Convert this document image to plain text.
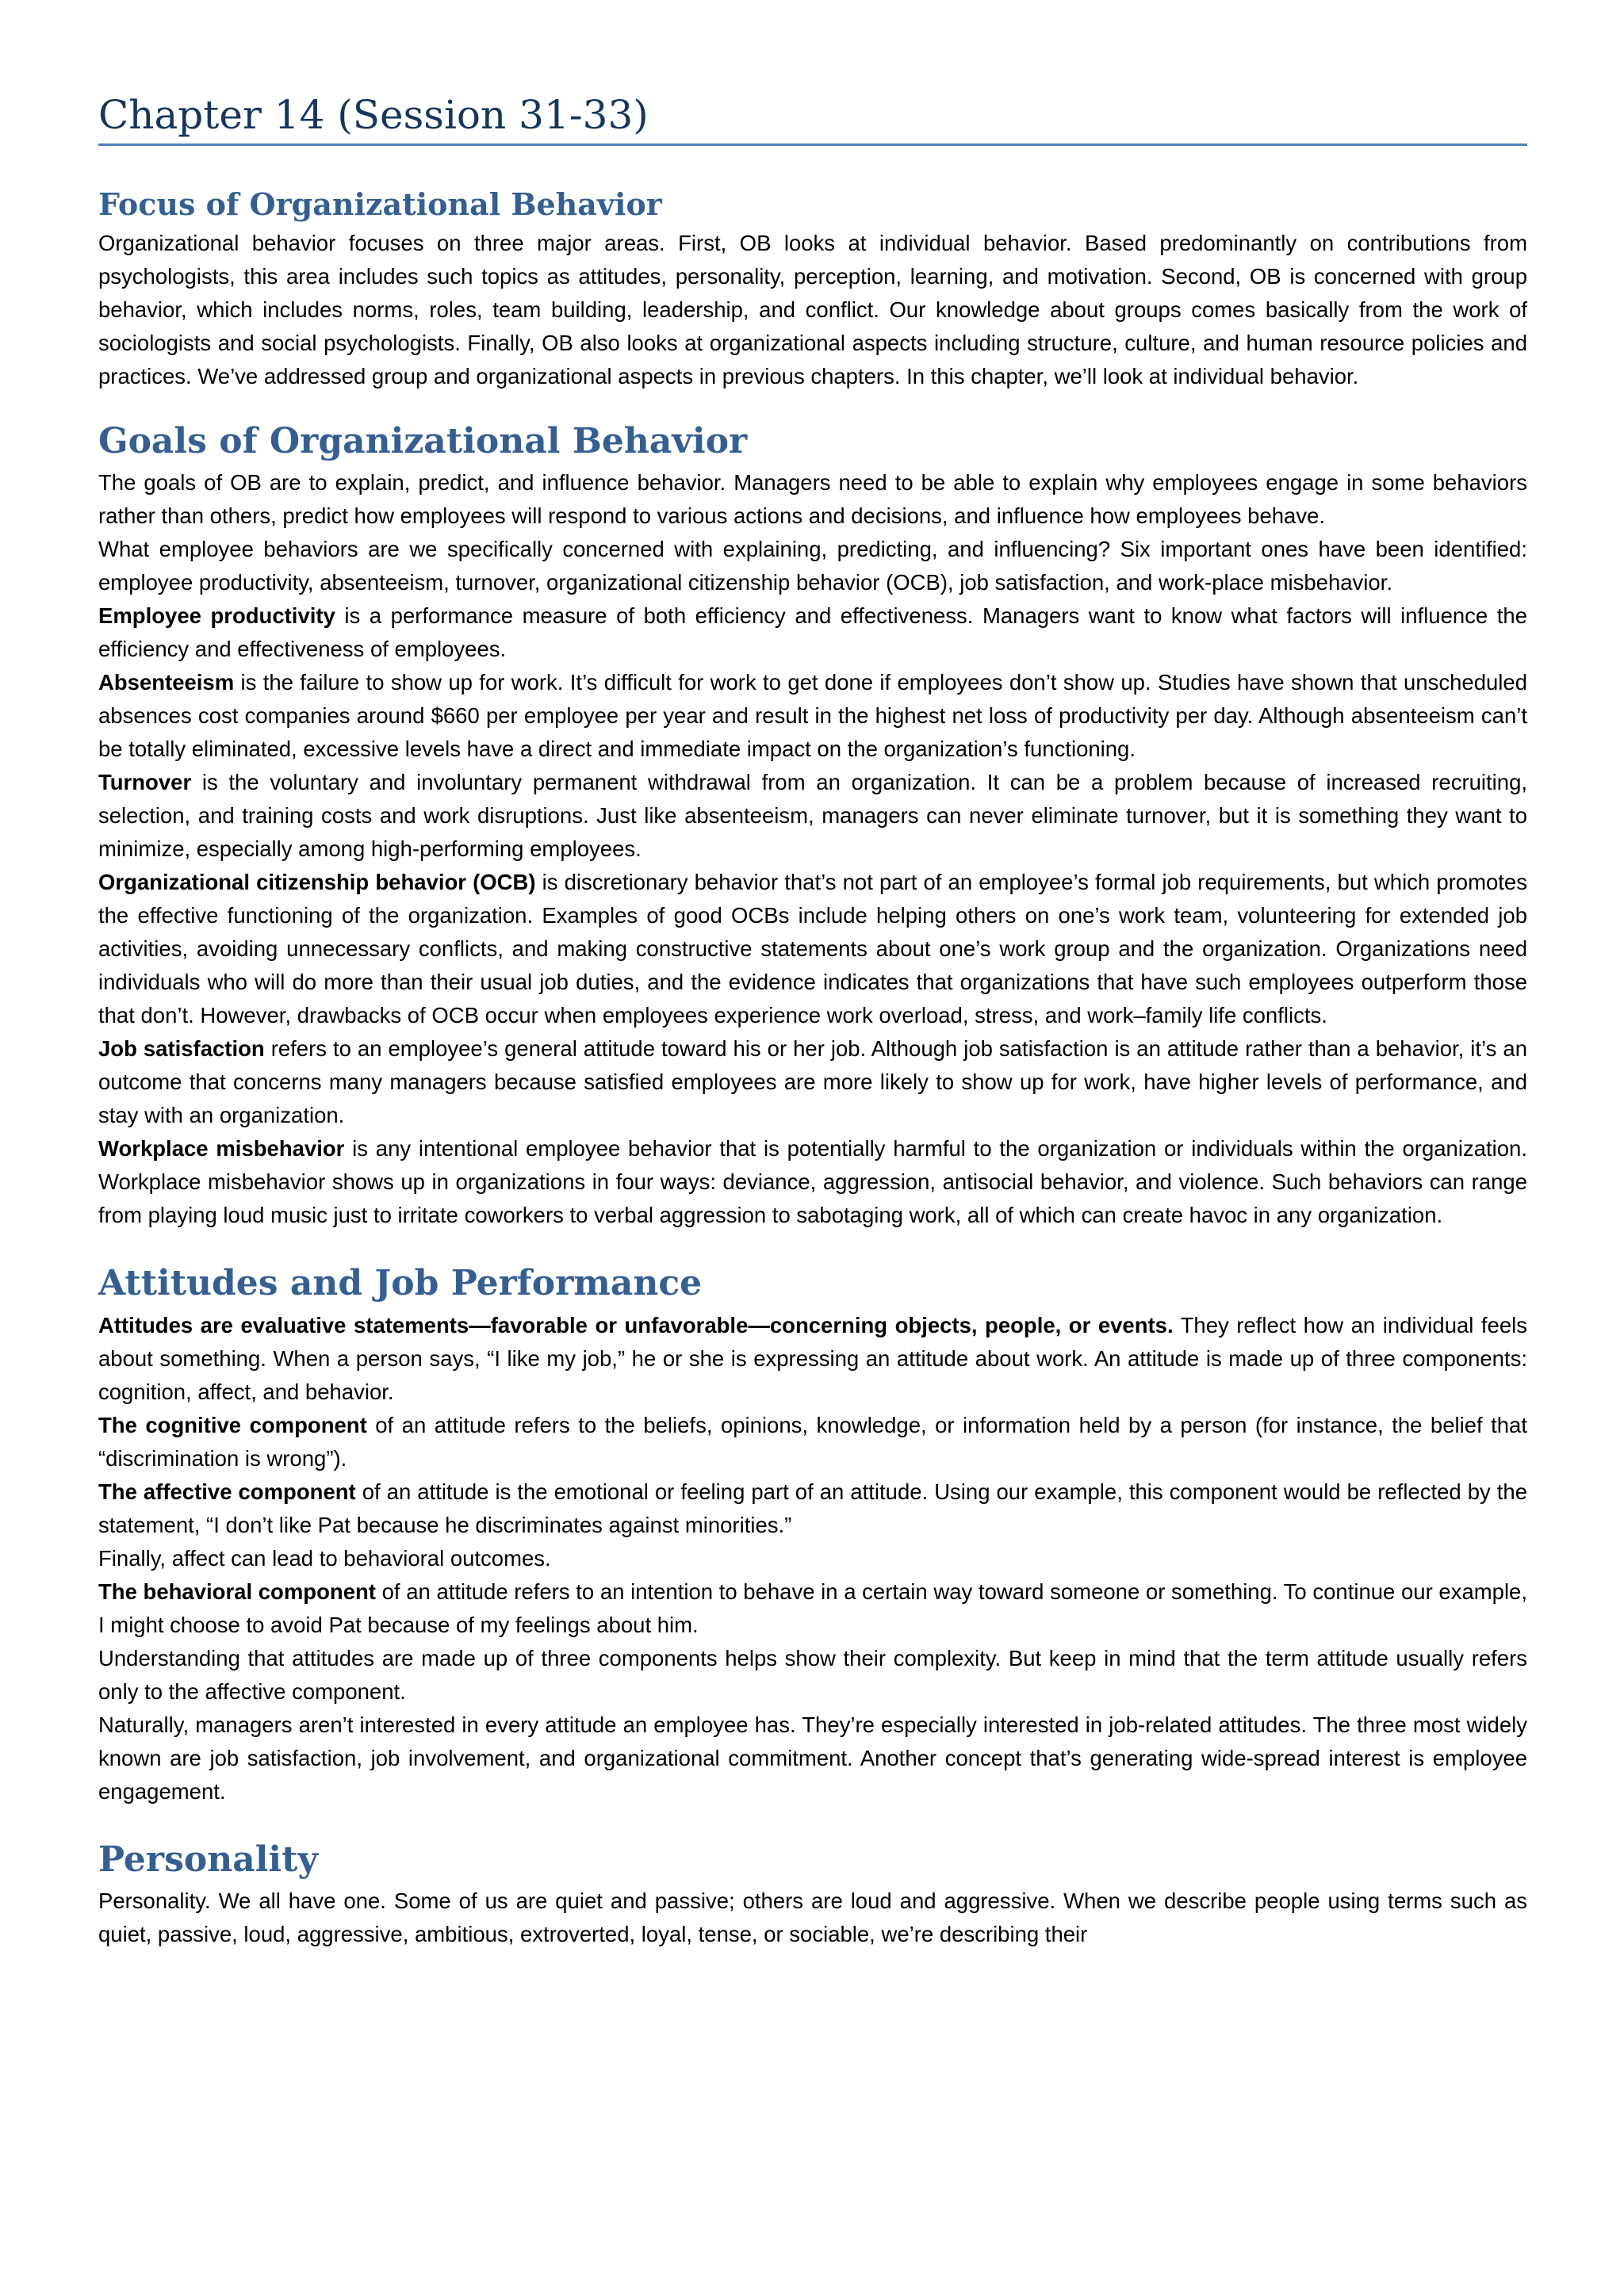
Chapter 14 (Session 31-33)
Focus of Organizational Behavior

Organizational behavior focuses on three major areas. First, OB looks at individual behavior. Based predominantly on contributions from psychologists, this area includes such topics as attitudes, personality, perception, learning, and motivation. Second, OB is concerned with group behavior, which includes norms, roles, team building, leadership, and conflict. Our knowledge about groups comes basically from the work of sociologists and social psychologists. Finally, OB also looks at organizational aspects including structure, culture, and human resource policies and practices. We’ve addressed group and organizational aspects in previous chapters. In this chapter, we’ll look at individual behavior.

Goals of Organizational Behavior

The goals of OB are to explain, predict, and influence behavior. Managers need to be able to explain why employees engage in some behaviors rather than others, predict how employees will respond to various actions and decisions, and influence how employees behave.

What employee behaviors are we specifically concerned with explaining, predicting, and influencing? Six important ones have been identified: employee productivity, absenteeism, turnover, organizational citizenship behavior (OCB), job satisfaction, and work-place misbehavior.

Employee productivity is a performance measure of both efficiency and effectiveness. Managers want to know what factors will influence the efficiency and effectiveness of employees.

Absenteeism is the failure to show up for work. It’s difficult for work to get done if employees don’t show up. Studies have shown that unscheduled absences cost companies around $660 per employee per year and result in the highest net loss of productivity per day. Although absenteeism can’t be totally eliminated, excessive levels have a direct and immediate impact on the organization’s functioning.

Turnover is the voluntary and involuntary permanent withdrawal from an organization. It can be a problem because of increased recruiting, selection, and training costs and work disruptions. Just like absenteeism, managers can never eliminate turnover, but it is something they want to minimize, especially among high-performing employees.

Organizational citizenship behavior (OCB) is discretionary behavior that’s not part of an employee’s formal job requirements, but which promotes the effective functioning of the organization. Examples of good OCBs include helping others on one’s work team, volunteering for extended job activities, avoiding unnecessary conflicts, and making constructive statements about one’s work group and the organization. Organizations need individuals who will do more than their usual job duties, and the evidence indicates that organizations that have such employees outperform those that don’t. However, drawbacks of OCB occur when employees experience work overload, stress, and work–family life conflicts.

Job satisfaction refers to an employee’s general attitude toward his or her job. Although job satisfaction is an attitude rather than a behavior, it’s an outcome that concerns many managers because satisfied employees are more likely to show up for work, have higher levels of performance, and stay with an organization.

Workplace misbehavior is any intentional employee behavior that is potentially harmful to the organization or individuals within the organization. Workplace misbehavior shows up in organizations in four ways: deviance, aggression, antisocial behavior, and violence. Such behaviors can range from playing loud music just to irritate coworkers to verbal aggression to sabotaging work, all of which can create havoc in any organization.

Attitudes and Job Performance

Attitudes are evaluative statements—favorable or unfavorable—concerning objects, people, or events. They reflect how an individual feels about something. When a person says, “I like my job,” he or she is expressing an attitude about work. An attitude is made up of three components: cognition, affect, and behavior.

The cognitive component of an attitude refers to the beliefs, opinions, knowledge, or information held by a person (for instance, the belief that “discrimination is wrong”).

The affective component of an attitude is the emotional or feeling part of an attitude. Using our example, this component would be reflected by the statement, “I don’t like Pat because he discriminates against minorities.”

Finally, affect can lead to behavioral outcomes.

The behavioral component of an attitude refers to an intention to behave in a certain way toward someone or something. To continue our example, I might choose to avoid Pat because of my feelings about him.

Understanding that attitudes are made up of three components helps show their complexity. But keep in mind that the term attitude usually refers only to the affective component.

Naturally, managers aren’t interested in every attitude an employee has. They’re especially interested in job-related attitudes. The three most widely known are job satisfaction, job involvement, and organizational commitment. Another concept that’s generating wide-spread interest is employee engagement.

Personality

Personality. We all have one. Some of us are quiet and passive; others are loud and aggressive. When we describe people using terms such as quiet, passive, loud, aggressive, ambitious, extroverted, loyal, tense, or sociable, we’re describing their
